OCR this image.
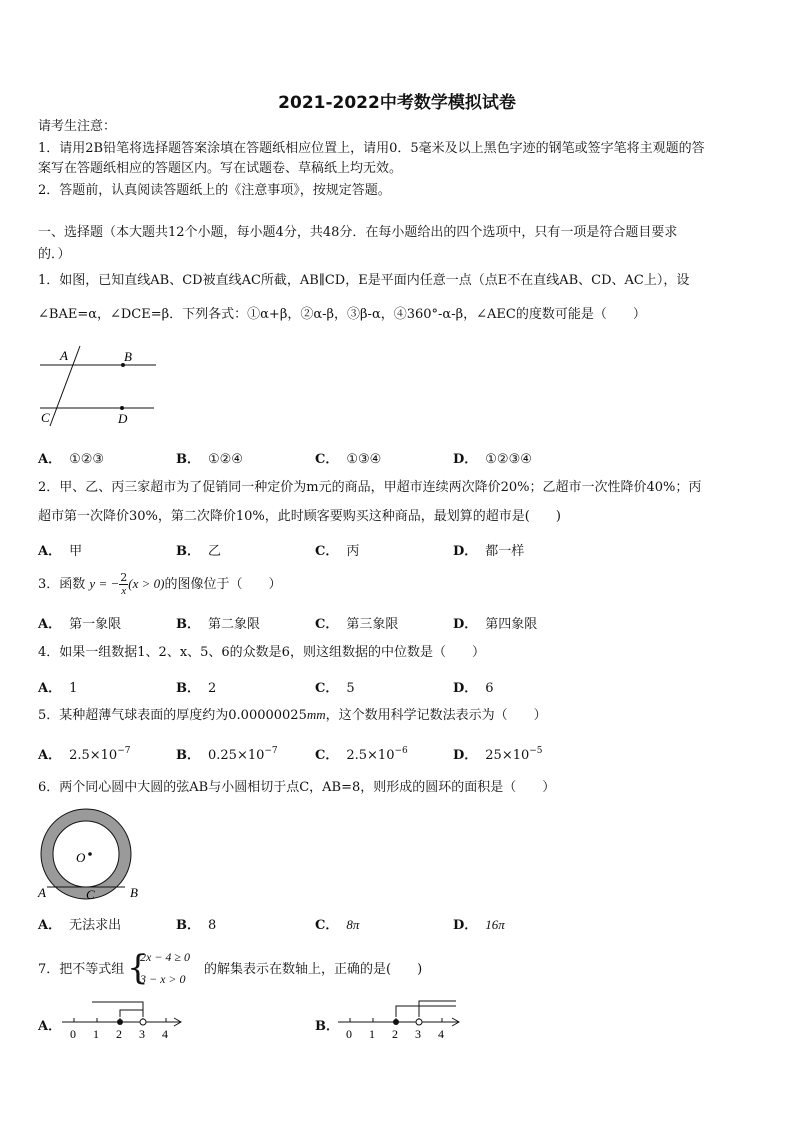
2021-2022中考数学模拟试卷
请考生注意：
1．请用2B铅笔将选择题答案涂填在答题纸相应位置上，请用0．5毫米及以上黑色字迹的钢笔或签字笔将主观题的答
案写在答题纸相应的答题区内。写在试题卷、草稿纸上均无效。
2．答题前，认真阅读答题纸上的《注意事项》，按规定答题。
一、选择题（本大题共12个小题，每小题4分，共48分．在每小题给出的四个选项中，只有一项是符合题目要求
的．）
1．如图，已知直线AB、CD被直线AC所截，AB∥CD，E是平面内任意一点（点E不在直线AB、CD、AC上），设
∠BAE=α，∠DCE=β．下列各式：①α+β，②α-β，③β-α，④360°-α-β，∠AEC的度数可能是（　　）
A	B
C	D
A． ①②③	B． ①②④	C． ①③④	D． ①②③④
2．甲、乙、丙三家超市为了促销同一种定价为m元的商品，甲超市连续两次降价20%；乙超市一次性降价40%；丙
超市第一次降价30%，第二次降价10%，此时顾客要购买这种商品，最划算的超市是(　　)
A． 甲	B． 乙	C． 丙	D． 都一样
3．函数 y = − $\frac{2}{x} (x > 0)$的图像位于（　　）
A． 第一象限	B． 第二象限	C． 第三象限	D． 第四象限
4．如果一组数据1、2、x、5、6的众数是6，则这组数据的中位数是（　　）
A． 1	B． 2	C． 5	D． 6
5．某种超薄气球表面的厚度约为0.00000025mm，这个数用科学记数法表示为（　　）
A． $2.5\times 10^{-7}$	B． $0.25\times 10^{-7}$	C． $2.5\times 10^{-6}$	D． $25\times 10^{-5}$
6．两个同心圆中大圆的弦AB与小圆相切于点C，AB=8，则形成的圆环的面积是（　　）
O
A	B
C
A． 无法求出	B． 8	C． 8π	D． 16π
7．把不等式组 {
2x − 4 ≥ 0
3 − x > 0
的解集表示在数轴上，正确的是(　　)
A． 0 1 2 3 4	B． 0 1 2 3 4
